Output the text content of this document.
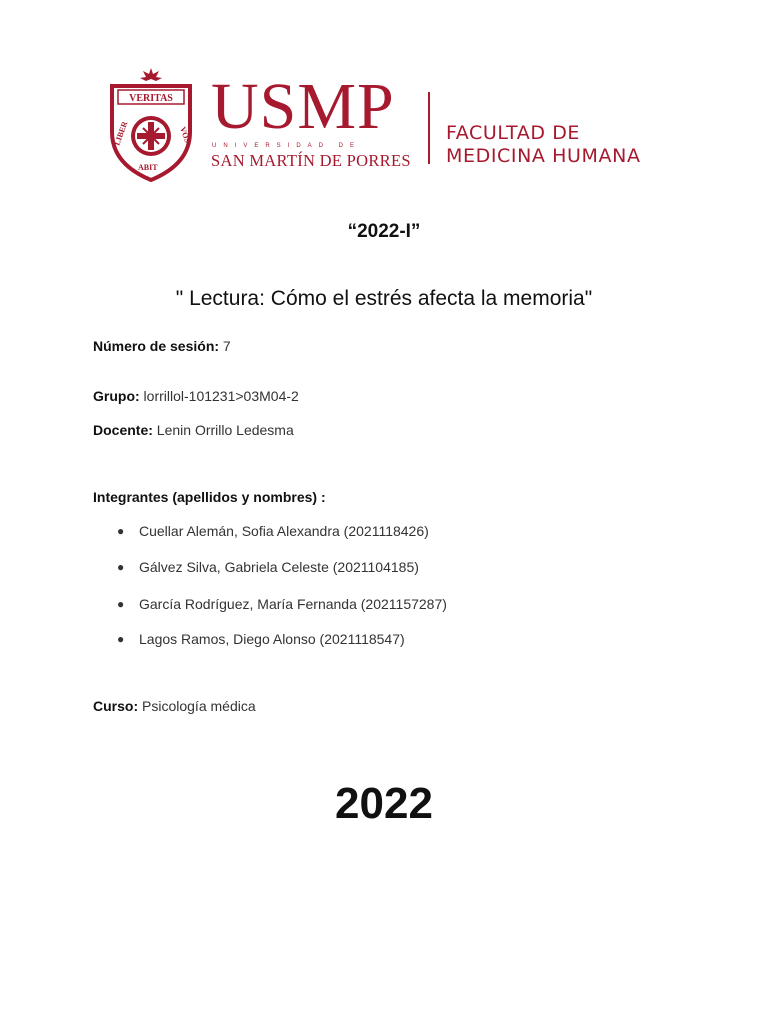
VERITAS
LIBER
ABIT
VOS USMP
UNIVERSIDAD DE
SAN MARTÍN DE PORRES
FACULTAD DE
MEDICINA HUMANA
“2022-I”
" Lectura: Cómo el estrés afecta la memoria"
Número de sesión: 7
Grupo: lorrillol-101231>03M04-2
Docente: Lenin Orrillo Ledesma
Integrantes (apellidos y nombres) :
● Cuellar Alemán, Sofia Alexandra (2021118426)
● Gálvez Silva, Gabriela Celeste (2021104185)
● García Rodríguez, María Fernanda (2021157287)
● Lagos Ramos, Diego Alonso (2021118547)
Curso: Psicología médica
2022
